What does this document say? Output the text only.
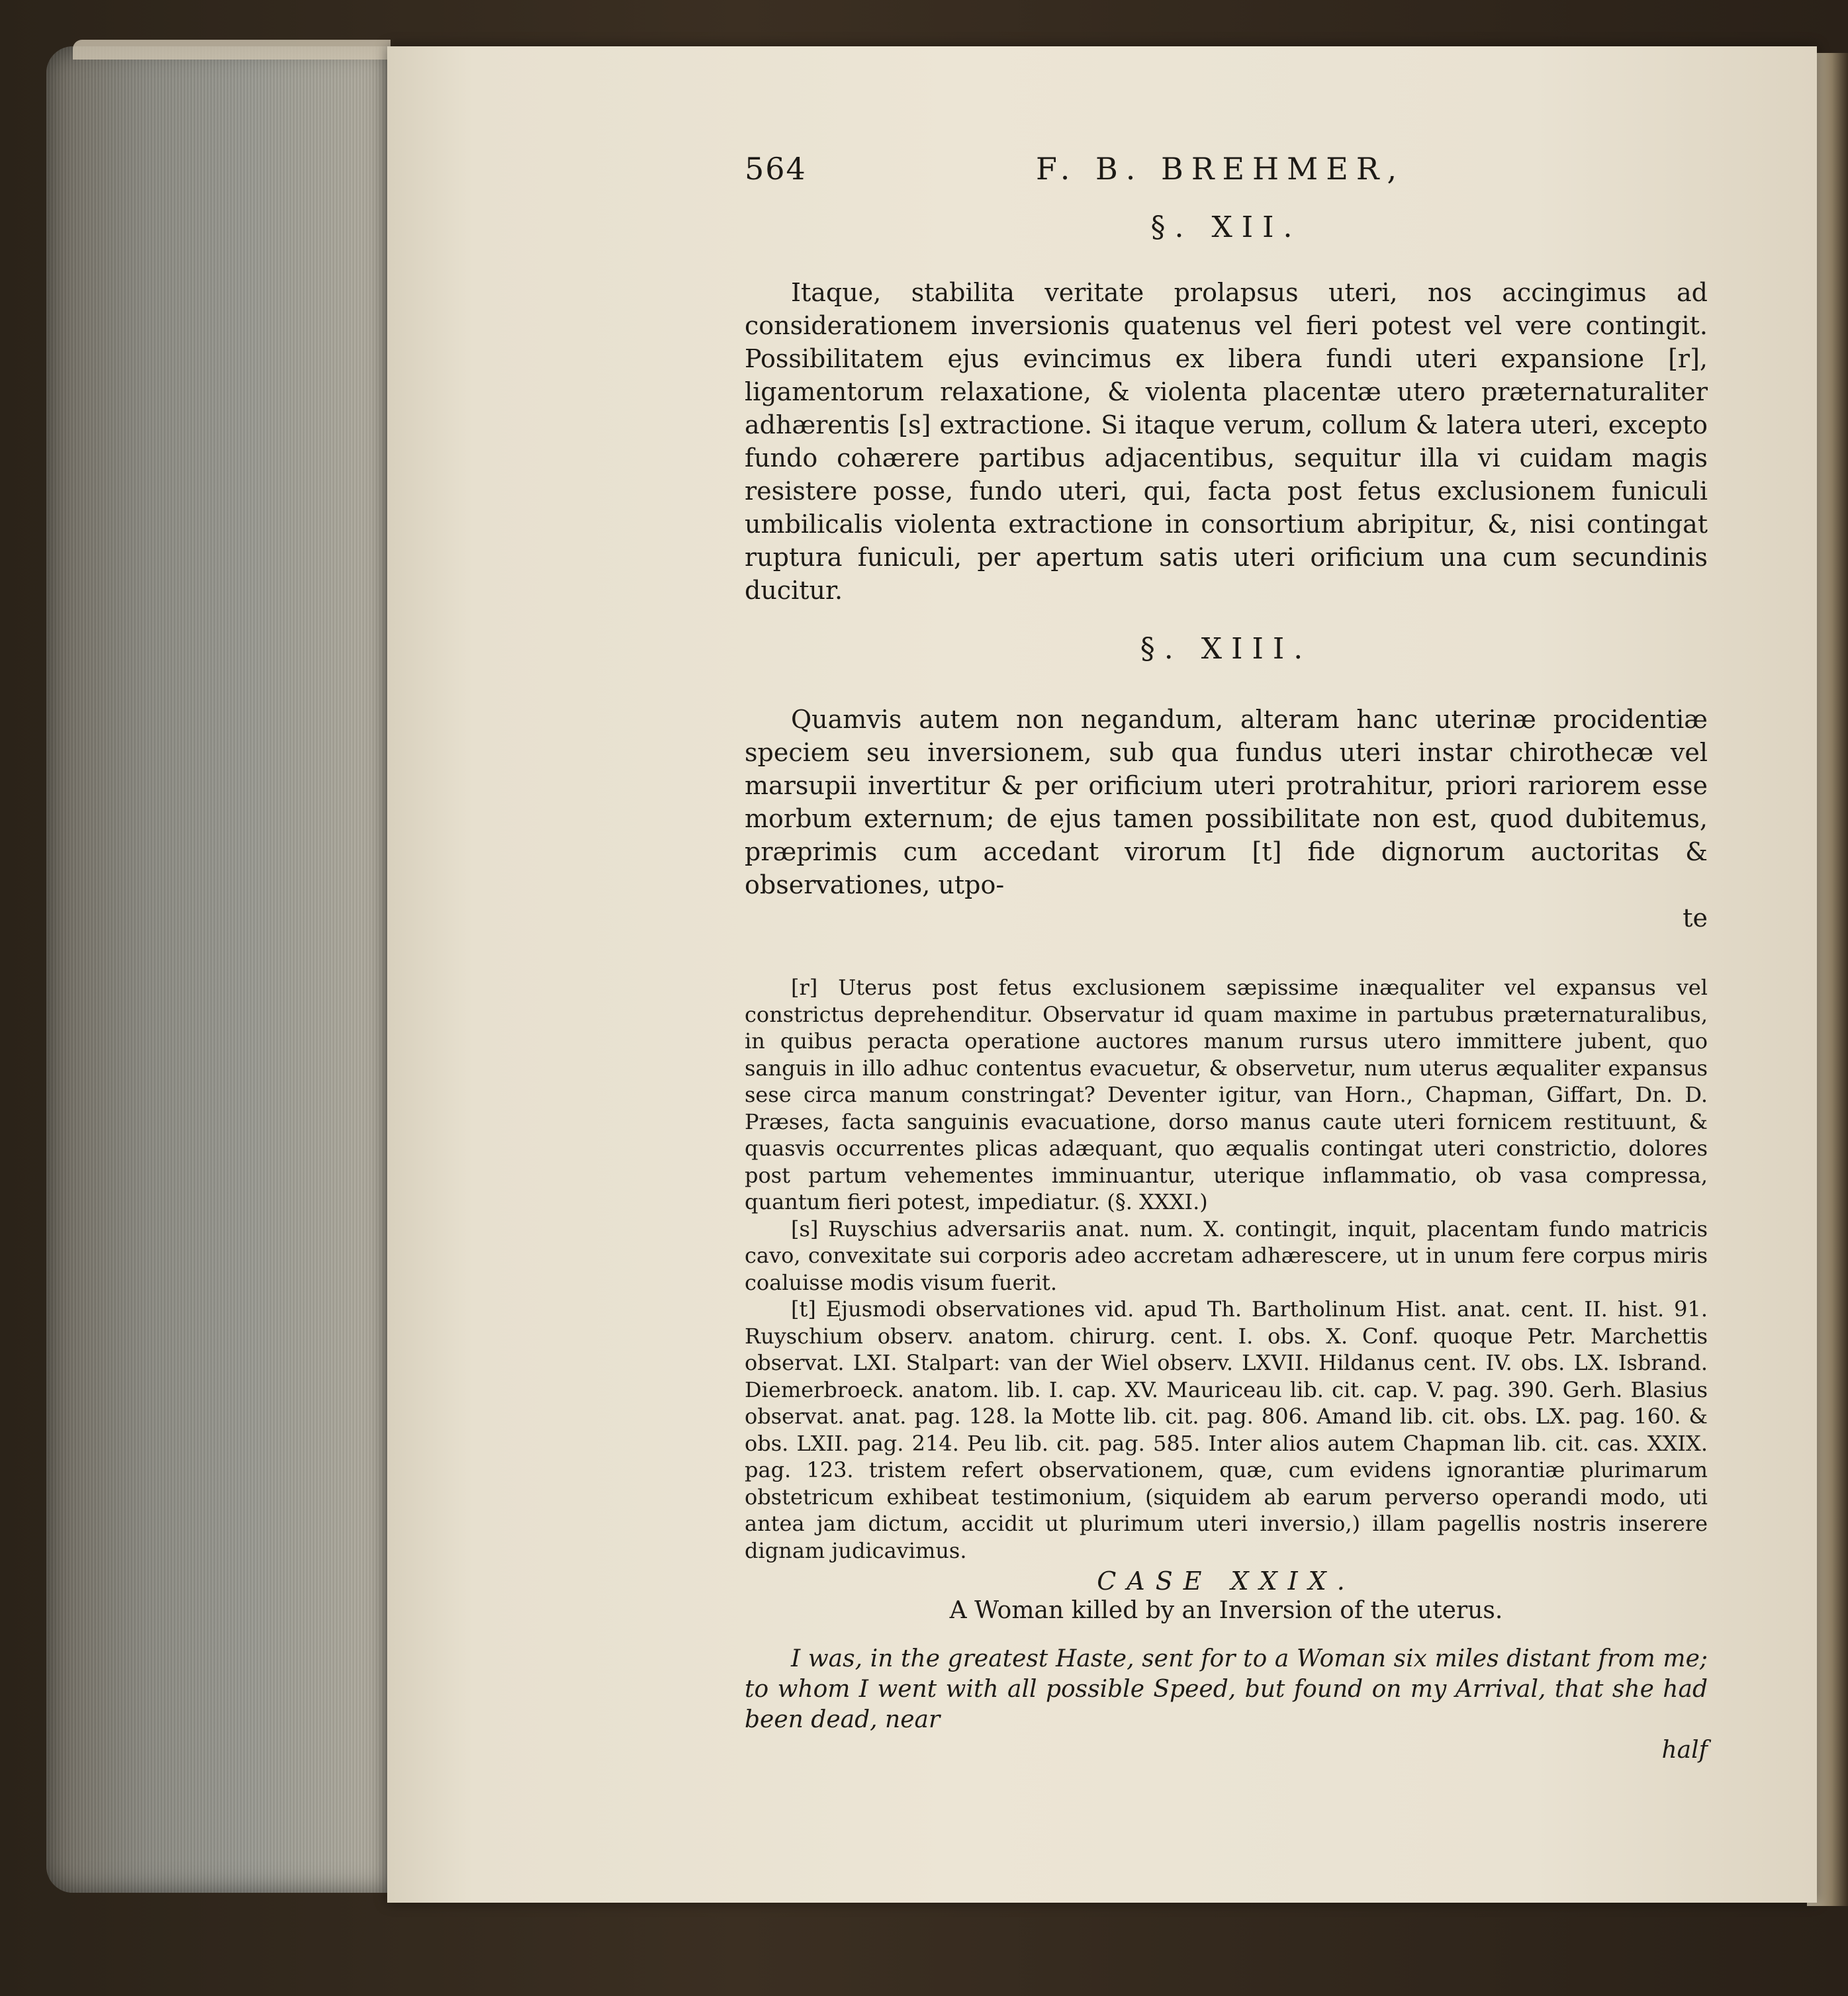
564	F. B. BREHMER,
§. XII.

Itaque, stabilita veritate prolapsus uteri, nos accingimus ad considerationem inversionis quatenus vel fieri potest vel vere contingit. Possibilitatem ejus evincimus ex libera fundi uteri expansione [r], ligamentorum relaxatione, & violenta placentæ utero præternaturaliter adhærentis [s] extractione. Si itaque verum, collum & latera uteri, excepto fundo cohærere partibus adjacentibus, sequitur illa vi cuidam magis resistere posse, fundo uteri, qui, facta post fetus exclusionem funiculi umbilicalis violenta extractione in consortium abripitur, &, nisi contingat ruptura funiculi, per apertum satis uteri orificium una cum secundinis ducitur.

§. XIII.

Quamvis autem non negandum, alteram hanc uterinæ procidentiæ speciem seu inversionem, sub qua fundus uteri instar chirothecæ vel marsupii invertitur & per orificium uteri protrahitur, priori rariorem esse morbum externum; de ejus tamen possibilitate non est, quod dubitemus, præprimis cum accedant virorum [t] fide dignorum auctoritas & observationes, utpo-
te

[r] Uterus post fetus exclusionem sæpissime inæqualiter vel expansus vel constrictus deprehenditur. Observatur id quam maxime in partubus præternaturalibus, in quibus peracta operatione auctores manum rursus utero immittere jubent, quo sanguis in illo adhuc contentus evacuetur, & observetur, num uterus æqualiter expansus sese circa manum constringat? Deventer igitur, van Horn., Chapman, Giffart, Dn. D. Præses, facta sanguinis evacuatione, dorso manus caute uteri fornicem restituunt, & quasvis occurrentes plicas adæquant, quo æqualis contingat uteri constrictio, dolores post partum vehementes imminuantur, uterique inflammatio, ob vasa compressa, quantum fieri potest, impediatur. (§. XXXI.)

[s] Ruyschius adversariis anat. num. X. contingit, inquit, placentam fundo matricis cavo, convexitate sui corporis adeo accretam adhærescere, ut in unum fere corpus miris coaluisse modis visum fuerit.

[t] Ejusmodi observationes vid. apud Th. Bartholinum Hist. anat. cent. II. hist. 91. Ruyschium observ. anatom. chirurg. cent. I. obs. X. Conf. quoque Petr. Marchettis observat. LXI. Stalpart: van der Wiel observ. LXVII. Hildanus cent. IV. obs. LX. Isbrand. Diemerbroeck. anatom. lib. I. cap. XV. Mauriceau lib. cit. cap. V. pag. 390. Gerh. Blasius observat. anat. pag. 128. la Motte lib. cit. pag. 806. Amand lib. cit. obs. LX. pag. 160. & obs. LXII. pag. 214. Peu lib. cit. pag. 585. Inter alios autem Chapman lib. cit. cas. XXIX. pag. 123. tristem refert observationem, quæ, cum evidens ignorantiæ plurimarum obstetricum exhibeat testimonium, (siquidem ab earum perverso operandi modo, uti antea jam dictum, accidit ut plurimum uteri inversio,) illam pagellis nostris inserere dignam judicavimus.

CASE XXIX.
A Woman killed by an Inversion of the uterus.

I was, in the greatest Haste, sent for to a Woman six miles distant from me; to whom I went with all possible Speed, but found on my Arrival, that she had been dead, near
half
